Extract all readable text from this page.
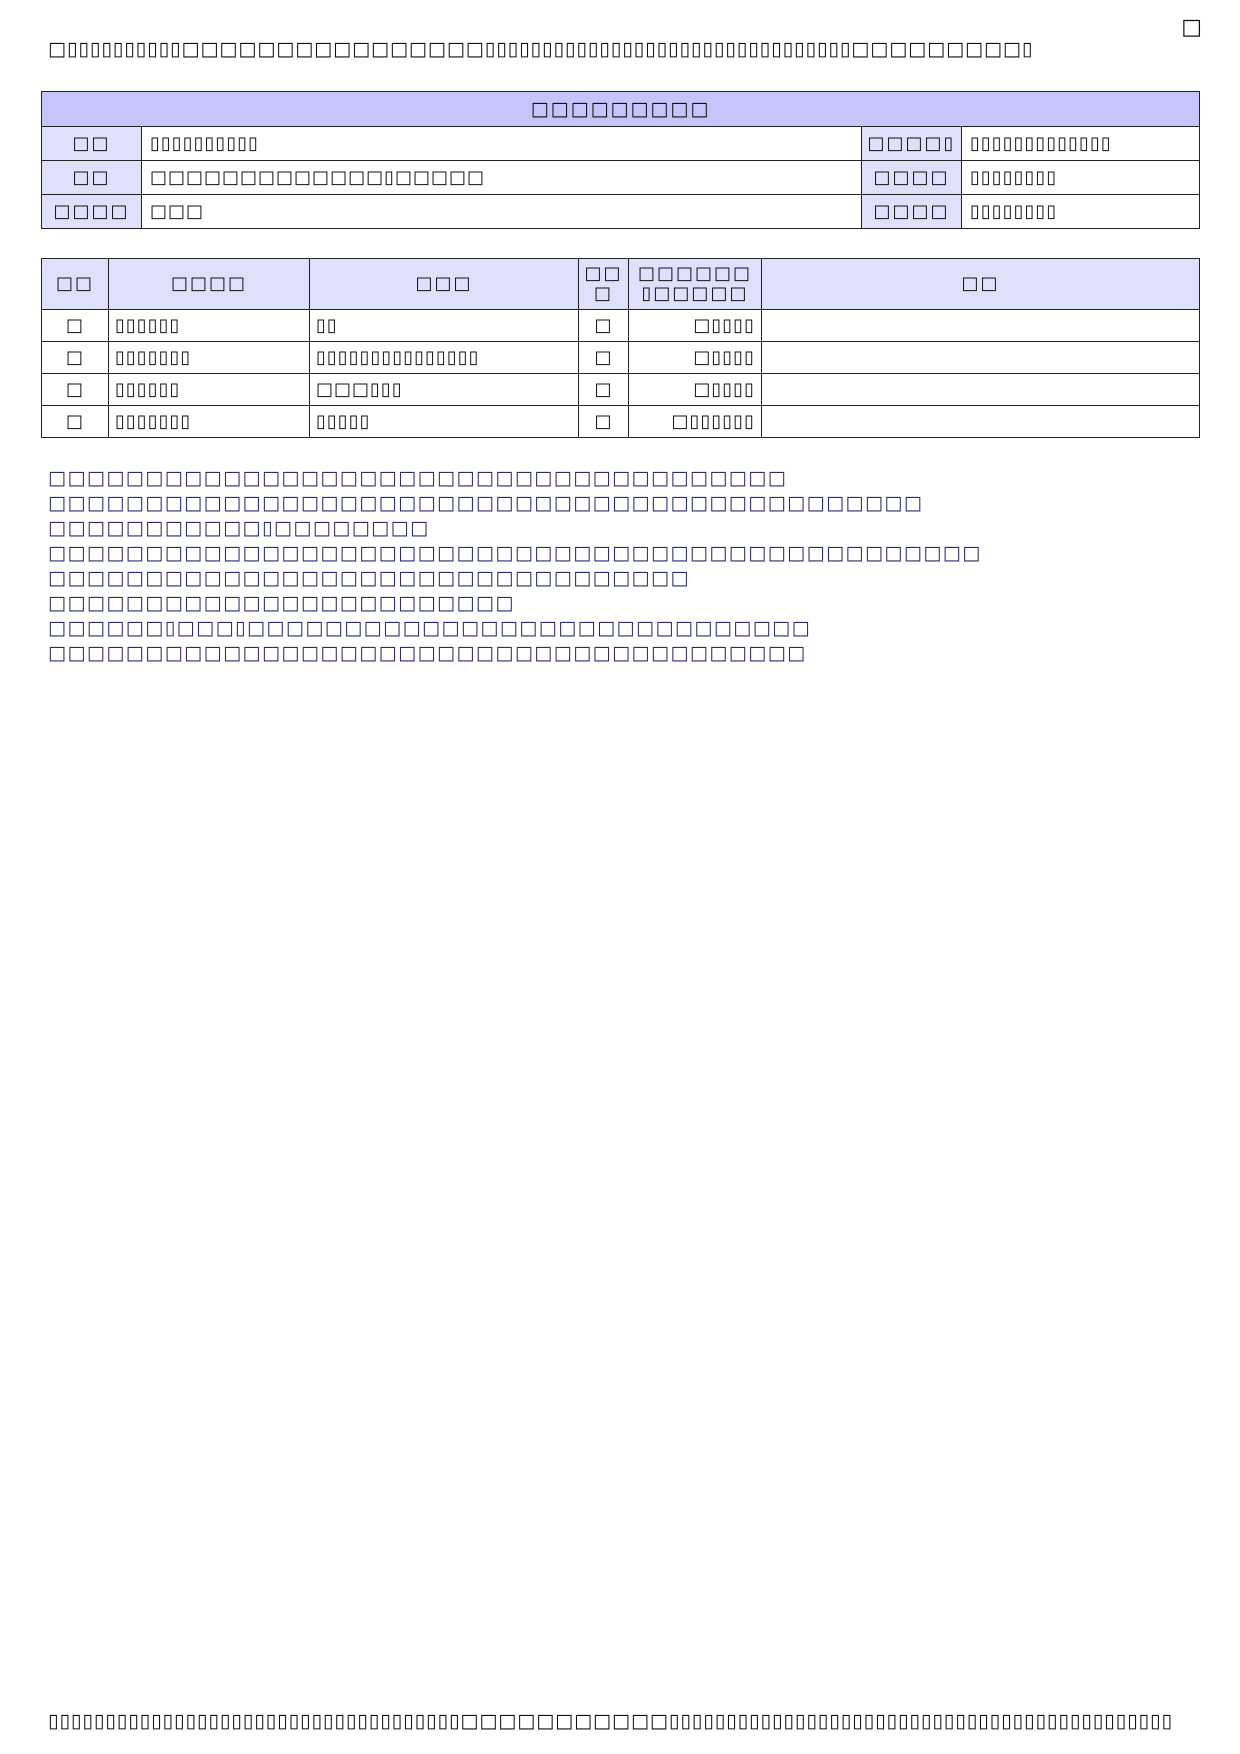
□
□▯▯▯▯▯▯▯▯▯▯□□□□□□□□□□□□□□□□▯▯▯▯▯▯▯▯▯▯▯▯▯▯▯▯▯▯▯▯▯▯▯▯▯▯▯▯▯▯▯▯□□□□□□□□□▯
□□□□□□□□□			
□□	▯▯▯▯▯▯▯▯▯▯	□□□□▯	▯▯▯▯▯▯▯▯▯▯▯▯▯
□□	□□□□□□□□□□□□□▯□□□□□	□□□□	▯▯▯▯▯▯▯▯
□□□□	□□□	□□□□	▯▯▯▯▯▯▯▯
□□	□□□□	□□□	□□ □	□□□□□□ ▯□□□□□	□□
□	▯▯▯▯▯▯	▯▯	□	□▯▯▯▯	
□	▯▯▯▯▯▯▯	▯▯▯▯▯▯▯▯▯▯▯▯▯▯▯	□	□▯▯▯▯	
□	▯▯▯▯▯▯	□□□▯▯▯	□	□▯▯▯▯	
□	▯▯▯▯▯▯▯	▯▯▯▯▯	□	□▯▯▯▯▯▯	
□□□□□□□□□□□□□□□□□□□□□□□□□□□□□□□□□□□□□□
□□□□□□□□□□□□□□□□□□□□□□□□□□□□□□□□□□□□□□□□□□□□□
□□□□□□□□□□□▯□□□□□□□□
□□□□□□□□□□□□□□□□□□□□□□□□□□□□□□□□□□□□□□□□□□□□□□□□
□□□□□□□□□□□□□□□□□□□□□□□□□□□□□□□□□
□□□□□□□□□□□□□□□□□□□□□□□□
□□□□□□▯□□□▯□□□□□□□□□□□□□□□□□□□□□□□□□□□□□
□□□□□□□□□□□□□□□□□□□□□□□□□□□□□□□□□□□□□□□
▯▯▯▯▯▯▯▯▯▯▯▯▯▯▯▯▯▯▯▯▯▯▯▯▯▯▯▯▯▯▯▯▯▯▯▯□□□□□□□□□□□▯▯▯▯▯▯▯▯▯▯▯▯▯▯▯▯▯▯▯▯▯▯▯▯▯▯▯▯▯▯▯▯▯▯▯▯▯▯▯▯▯▯▯▯
